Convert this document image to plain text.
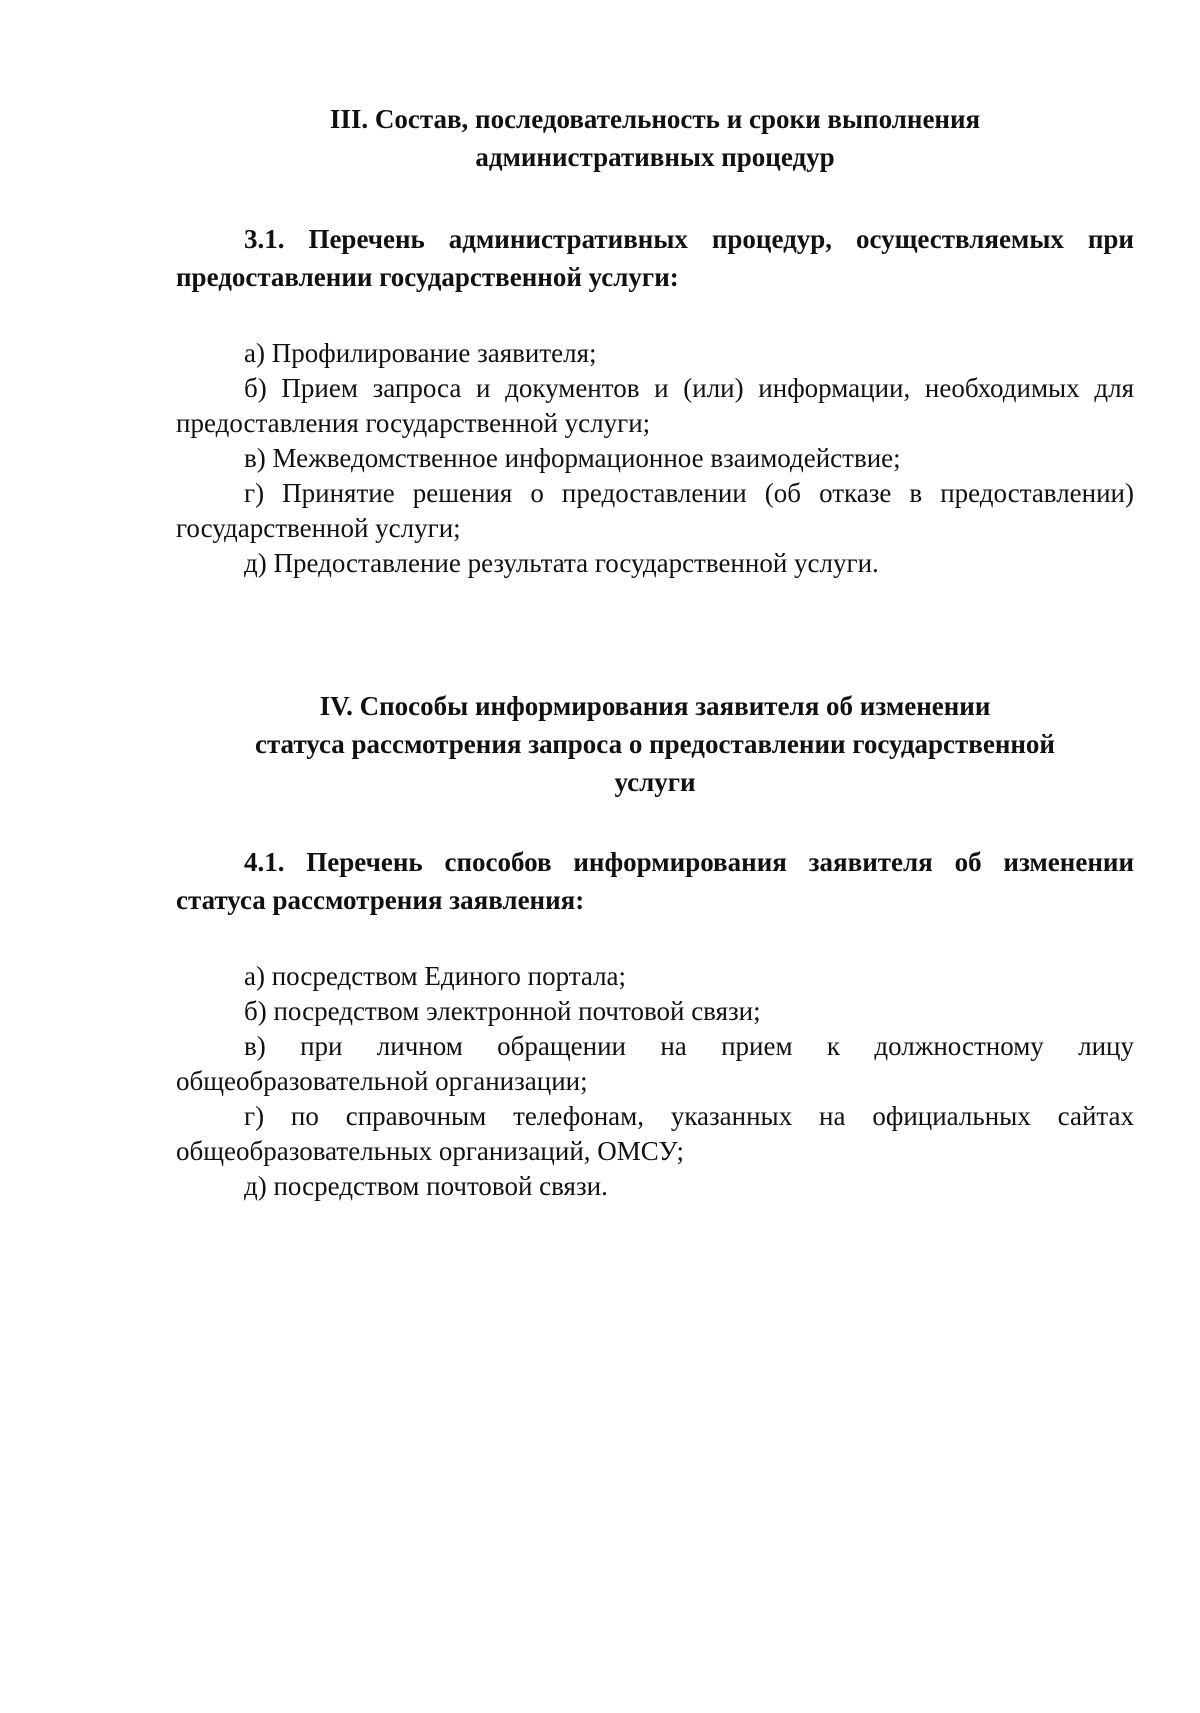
III. Состав, последовательность и сроки выполнения
административных процедур

3.1. Перечень административных процедур, осуществляемых при предоставлении государственной услуги:

а) Профилирование заявителя;

б) Прием запроса и документов и (или) информации, необходимых для предоставления государственной услуги;

в) Межведомственное информационное взаимодействие;

г) Принятие решения о предоставлении (об отказе в предоставлении) государственной услуги;

д) Предоставление результата государственной услуги.

IV. Способы информирования заявителя об изменении
статуса рассмотрения запроса о предоставлении государственной
услуги

4.1. Перечень способов информирования заявителя об изменении статуса рассмотрения заявления:

а) посредством Единого портала;

б) посредством электронной почтовой связи;

в) при личном обращении на прием к должностному лицу общеобразовательной организации;

г) по справочным телефонам, указанных на официальных сайтах общеобразовательных организаций, ОМСУ;

д) посредством почтовой связи.
